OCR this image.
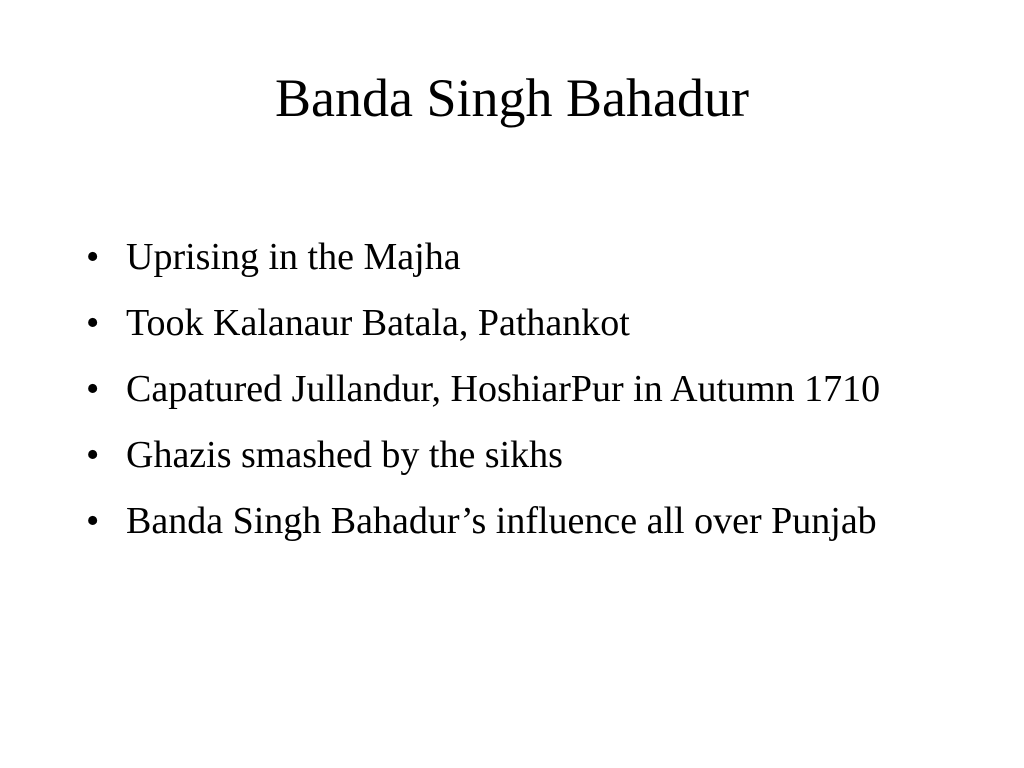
Banda Singh Bahadur
• Uprising in the Majha
• Took Kalanaur Batala, Pathankot
• Capatured Jullandur, HoshiarPur in Autumn 1710
• Ghazis smashed by the sikhs
• Banda Singh Bahadur’s influence all over Punjab
